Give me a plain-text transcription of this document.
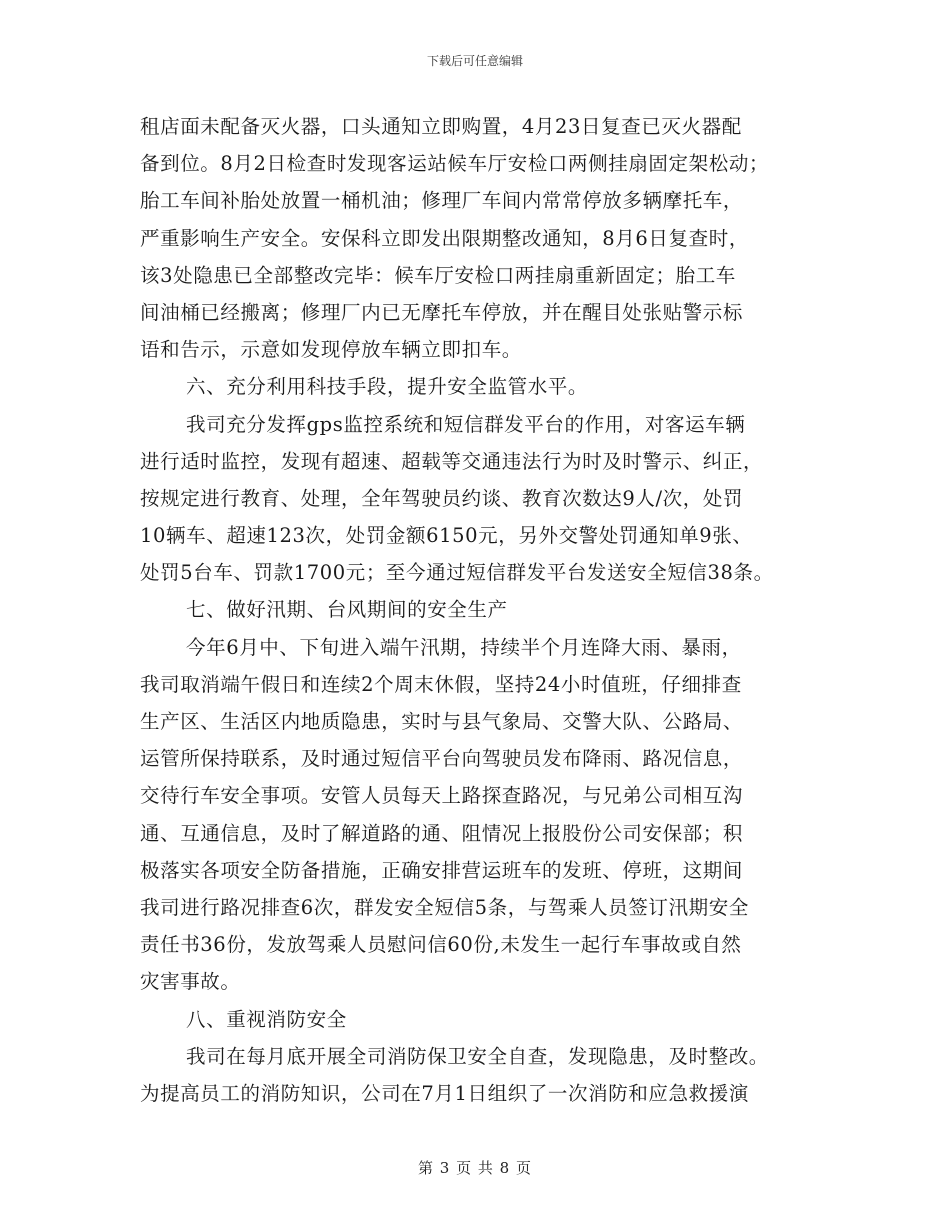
下载后可任意编辑
租店面未配备灭火器，口头通知立即购置，4月23日复查已灭火器配
备到位。8月2日检查时发现客运站候车厅安检口两侧挂扇固定架松动；
胎工车间补胎处放置一桶机油；修理厂车间内常常停放多辆摩托车，
严重影响生产安全。安保科立即发出限期整改通知，8月6日复查时，
该3处隐患已全部整改完毕：候车厅安检口两挂扇重新固定；胎工车
间油桶已经搬离；修理厂内已无摩托车停放，并在醒目处张贴警示标
语和告示，示意如发现停放车辆立即扣车。
六、充分利用科技手段，提升安全监管水平。
我司充分发挥gps监控系统和短信群发平台的作用，对客运车辆
进行适时监控，发现有超速、超载等交通违法行为时及时警示、纠正，
按规定进行教育、处理，全年驾驶员约谈、教育次数达9人/次，处罚
10辆车、超速123次，处罚金额6150元，另外交警处罚通知单9张、
处罚5台车、罚款1700元；至今通过短信群发平台发送安全短信38条。
七、做好汛期、台风期间的安全生产
今年6月中、下旬进入端午汛期，持续半个月连降大雨、暴雨，
我司取消端午假日和连续2个周末休假，坚持24小时值班，仔细排查
生产区、生活区内地质隐患，实时与县气象局、交警大队、公路局、
运管所保持联系，及时通过短信平台向驾驶员发布降雨、路况信息，
交待行车安全事项。安管人员每天上路探查路况，与兄弟公司相互沟
通、互通信息，及时了解道路的通、阻情况上报股份公司安保部；积
极落实各项安全防备措施，正确安排营运班车的发班、停班，这期间
我司进行路况排查6次，群发安全短信5条，与驾乘人员签订汛期安全
责任书36份，发放驾乘人员慰问信60份,未发生一起行车事故或自然
灾害事故。
八、重视消防安全
我司在每月底开展全司消防保卫安全自查，发现隐患，及时整改。
为提高员工的消防知识，公司在7月1日组织了一次消防和应急救援演
第 3 页 共 8 页
